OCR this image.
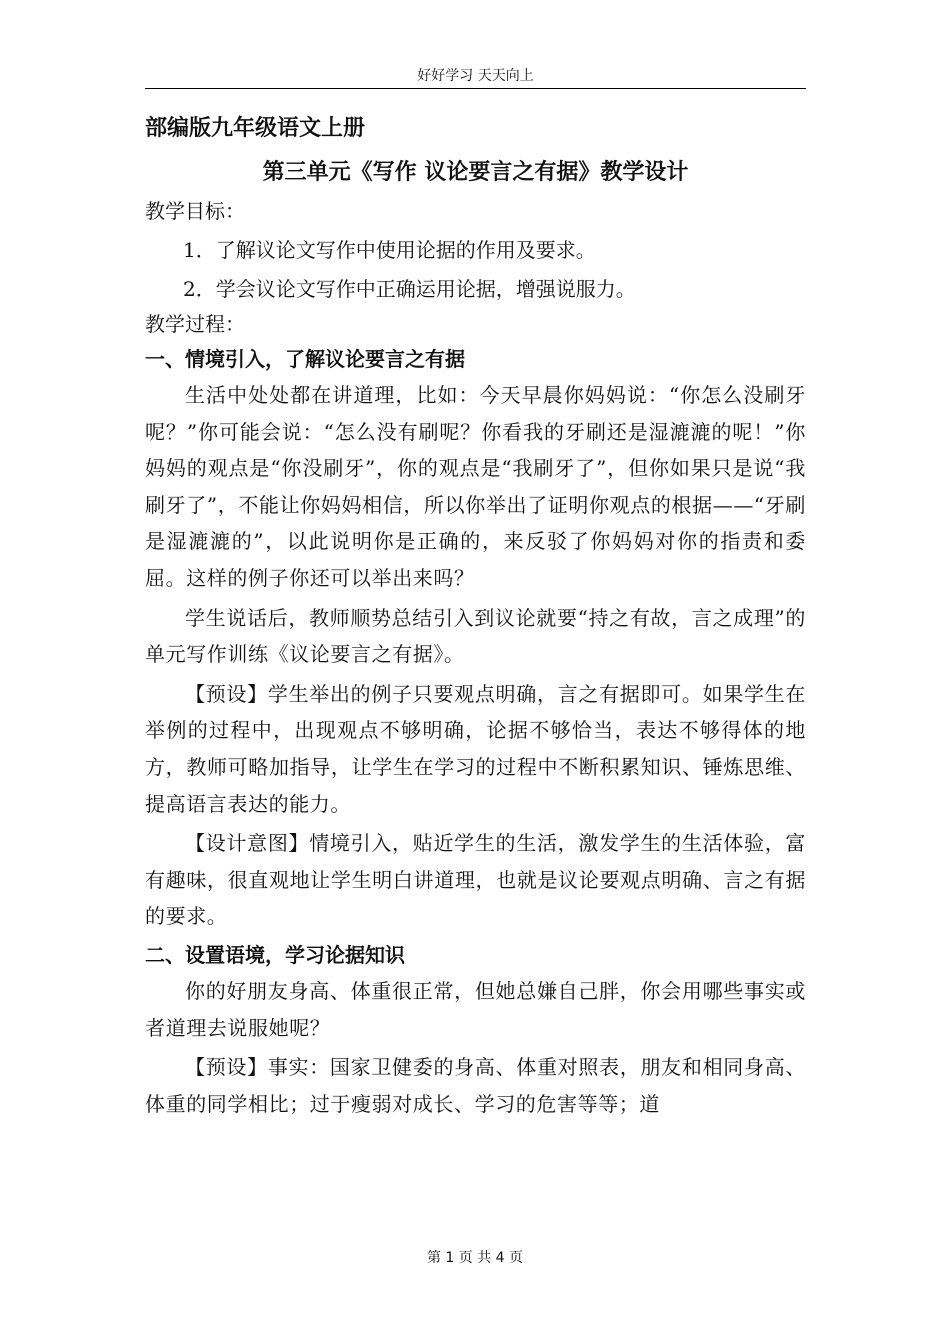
好好学习 天天向上
部编版九年级语文上册
第三单元《写作 议论要言之有据》教学设计

教学目标：

1．了解议论文写作中使用论据的作用及要求。

2．学会议论文写作中正确运用论据，增强说服力。

教学过程：

一、情境引入，了解议论要言之有据

生活中处处都在讲道理，比如：今天早晨你妈妈说：“你怎么没刷牙呢？”你可能会说：“怎么没有刷呢？你看我的牙刷还是湿漉漉的呢！”你妈妈的观点是“你没刷牙”，你的观点是“我刷牙了”，但你如果只是说“我刷牙了”，不能让你妈妈相信，所以你举出了证明你观点的根据——“牙刷是湿漉漉的”，以此说明你是正确的，来反驳了你妈妈对你的指责和委屈。这样的例子你还可以举出来吗？

学生说话后，教师顺势总结引入到议论就要“持之有故，言之成理”的单元写作训练《议论要言之有据》。

【预设】学生举出的例子只要观点明确，言之有据即可。如果学生在举例的过程中，出现观点不够明确，论据不够恰当，表达不够得体的地方，教师可略加指导，让学生在学习的过程中不断积累知识、锤炼思维、提高语言表达的能力。

【设计意图】情境引入，贴近学生的生活，激发学生的生活体验，富有趣味，很直观地让学生明白讲道理，也就是议论要观点明确、言之有据的要求。

二、设置语境，学习论据知识

你的好朋友身高、体重很正常，但她总嫌自己胖，你会用哪些事实或者道理去说服她呢？

【预设】事实：国家卫健委的身高、体重对照表，朋友和相同身高、体重的同学相比；过于瘦弱对成长、学习的危害等等；道

第 1 页 共 4 页
